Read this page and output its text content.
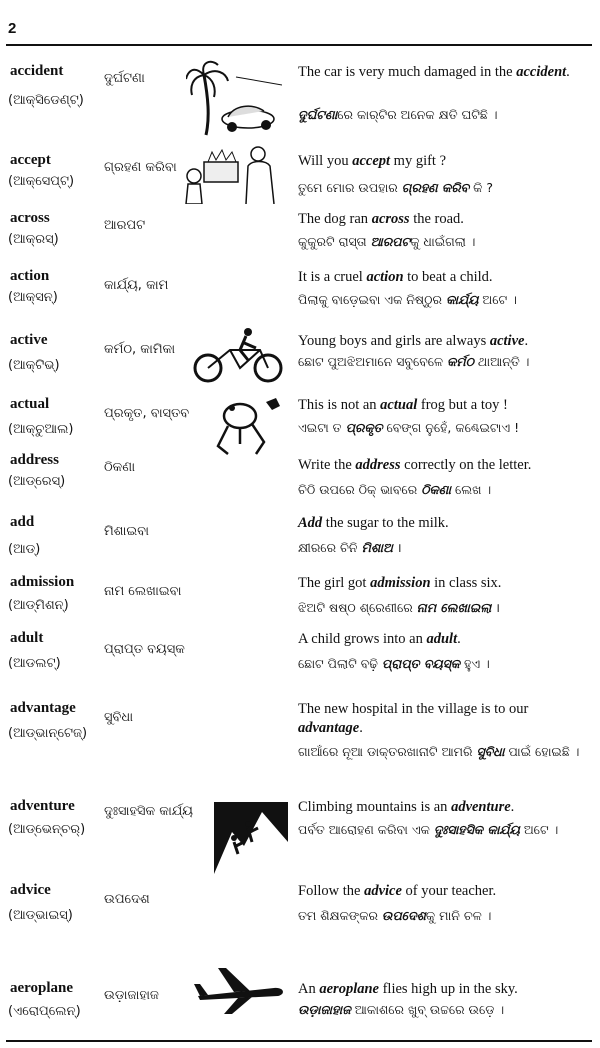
2
accident
(ଆକ୍ସିଡେଣ୍ଟ୍)
ଦୁର୍ଘଟଣା	The car is very much damaged in the accident.
ଦୁର୍ଘଟଣାରେ କାର୍‌ଟିର ଅନେକ କ୍ଷତି ଘଟିଛି ।
accept
(ଆକ୍‌ସେପ୍ଟ୍)
ଗ୍ରହଣ କରିବା	Will you accept my gift ?
ତୁମେ ମୋର ଉପହାର ଗ୍ରହଣ କରିବ କି ?
across
(ଆକ୍ରସ୍)
ଆରପଟ	The dog ran across the road.
କୁକୁରଟି ରାସ୍ତା ଆରପଟକୁ ଧାଇଁଗଲା ।
action
(ଆକ୍‌ସନ୍)
କାର୍ଯ୍ୟ, କାମ
It is a cruel action to beat a child.
ପିଲାକୁ ବାଡ଼େଇବା ଏକ ନିଷ୍ଠୁର କାର୍ଯ୍ୟ ଅଟେ ।
active
(ଆକ୍ଟିଭ୍)
କର୍ମଠ, କାମିକା
Young boys and girls are always active.
ଛୋଟ ପୁଅଝିଅମାନେ ସବୁବେଳେ କର୍ମଠ ଥାଆନ୍ତି ।
actual
(ଆକ୍‌ଚୁଆଲ)
ପ୍ରକୃତ, ବାସ୍ତବ
This is not an actual frog but a toy !
ଏଇଟା ତ ପ୍ରକୃତ ବେଙ୍ଗ ନୁହେଁ, କଣ୍ଢେଇଟାଏ !
address
(ଆଡ୍ରେସ୍)
ଠିକଣା	Write the address correctly on the letter.
ଚିଠି ଉପରେ ଠିକ୍ ଭାବରେ ଠିକଣା ଲେଖ ।
add
(ଆଡ୍)
ମିଶାଇବା
Add the sugar to the milk.
କ୍ଷୀରରେ ଚିନି ମିଶାଅ ।
admission
(ଆଡ୍‌ମିଶନ୍)
ନାମ ଲେଖାଇବା
The girl got admission in class six.
ଝିଅଟି ଷଷ୍ଠ ଶ୍ରେଣୀରେ ନାମ ଲେଖାଇଲା ।
adult
(ଆଡଲଟ୍)
ପ୍ରାପ୍ତ ବୟସ୍କ
A child grows into an adult.
ଛୋଟ ପିଲାଟି ବଢ଼ି ପ୍ରାପ୍ତ ବୟସ୍କ ହୁଏ ।
advantage
(ଆଡ୍‌ଭାନ୍‌ଟେଜ୍)
ସୁବିଧା
The new hospital in the village is to our advantage.
ଗାଆଁରେ ନୂଆ ଡାକ୍ତରଖାନାଟି ଆମରି ସୁବିଧା ପାଇଁ ହୋଇଛି ।
adventure
(ଆଡ୍‌ଭେନ୍‌ଚର୍)
ଦୁଃସାହସିକ କାର୍ଯ୍ୟ	Climbing mountains is an adventure.
ପର୍ବତ ଆରୋହଣ କରିବା ଏକ ଦୁଃସାହସିକ କାର୍ଯ୍ୟ ଅଟେ ।
advice
(ଆଡ୍‌ଭାଇସ୍)
ଉପଦେଶ
Follow the advice of your teacher.
ତମ ଶିକ୍ଷକଙ୍କର ଉପଦେଶକୁ ମାନି ଚଳ ।
aeroplane
(ଏରୋପ୍ଲେନ୍)
ଉଡ଼ାଜାହାଜ	An aeroplane flies high up in the sky.
ଉଡ଼ାଜାହାଜ ଆକାଶରେ ଖୁବ୍ ଉଚ୍ଚରେ ଉଡ଼େ ।
